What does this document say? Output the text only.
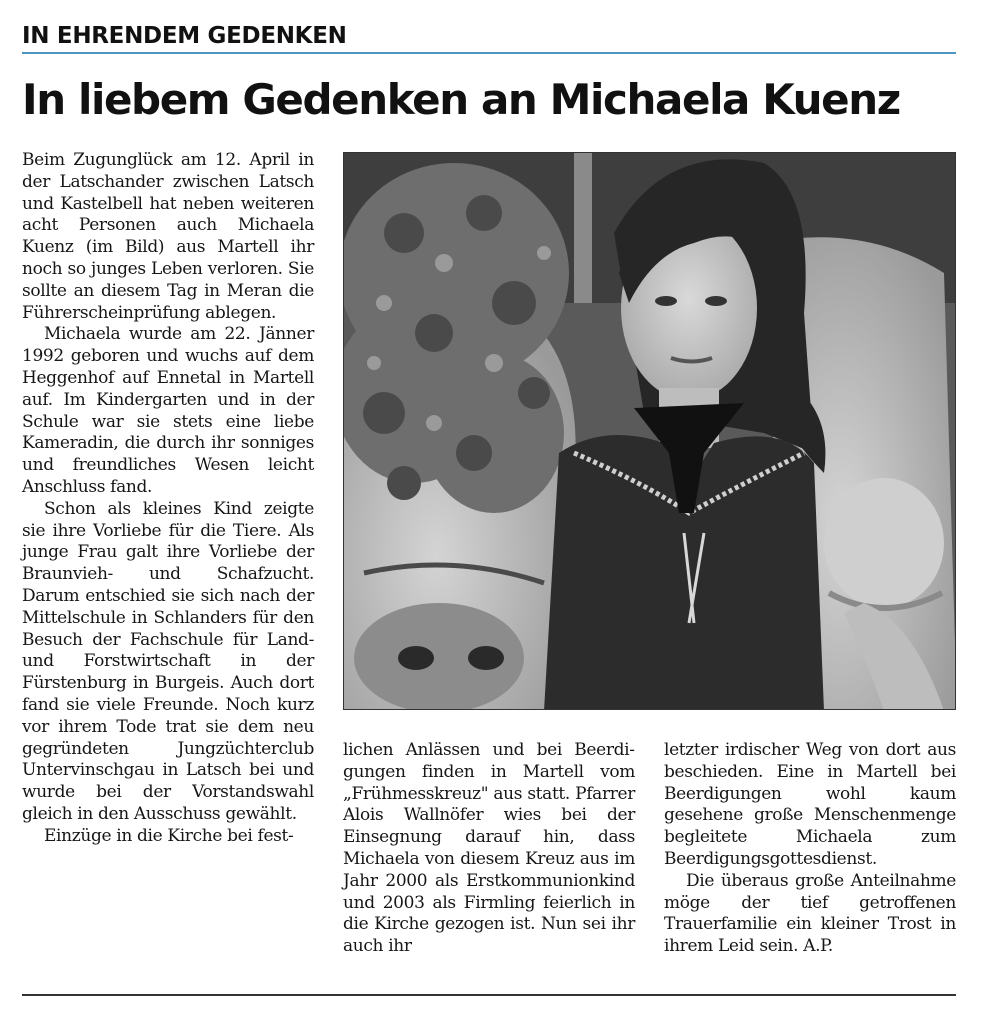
IN EHRENDEM GEDENKEN
In liebem Gedenken an Michaela Kuenz

Beim Zugunglück am 12. April in der Latschander zwischen Latsch und Kastelbell hat neben weiteren acht Personen auch Michaela Kuenz (im Bild) aus Martell ihr noch so junges Leben verloren. Sie sollte an diesem Tag in Meran die Führerscheinprüfung ablegen.

Michaela wurde am 22. Jänner 1992 geboren und wuchs auf dem Heggenhof auf Ennetal in Martell auf. Im Kindergarten und in der Schule war sie stets eine liebe Kameradin, die durch ihr sonniges und freundliches Wesen leicht Anschluss fand.

Schon als kleines Kind zeigte sie ihre Vorliebe für die Tiere. Als junge Frau galt ihre Vorliebe der Braunvieh- und Schafzucht. Darum entschied sie sich nach der Mittelschule in Schlanders für den Besuch der Fachschule für Land- und Forstwirtschaft in der Fürstenburg in Burgeis. Auch dort fand sie viele Freunde. Noch kurz vor ihrem Tode trat sie dem neu gegründeten Jungzüchterclub Untervinschgau in Latsch bei und wurde bei der Vorstandswahl gleich in den Ausschuss gewählt.

Einzüge in die Kirche bei fest-

lichen Anlässen und bei Beerdigungen finden in Martell vom „Frühmesskreuz" aus statt. Pfarrer Alois Wallnöfer wies bei der Einsegnung darauf hin, dass Michaela von diesem Kreuz aus im Jahr 2000 als Erstkommunionkind und 2003 als Firmling feierlich in die Kirche gezogen ist. Nun sei ihr auch ihr

letzter irdischer Weg von dort aus beschieden. Eine in Martell bei Beerdigungen wohl kaum gesehene große Menschenmenge begleitete Michaela zum Beerdigungsgottesdienst.

Die überaus große Anteilnahme möge der tief getroffenen Trauerfamilie ein kleiner Trost in ihrem Leid sein. A.P.
